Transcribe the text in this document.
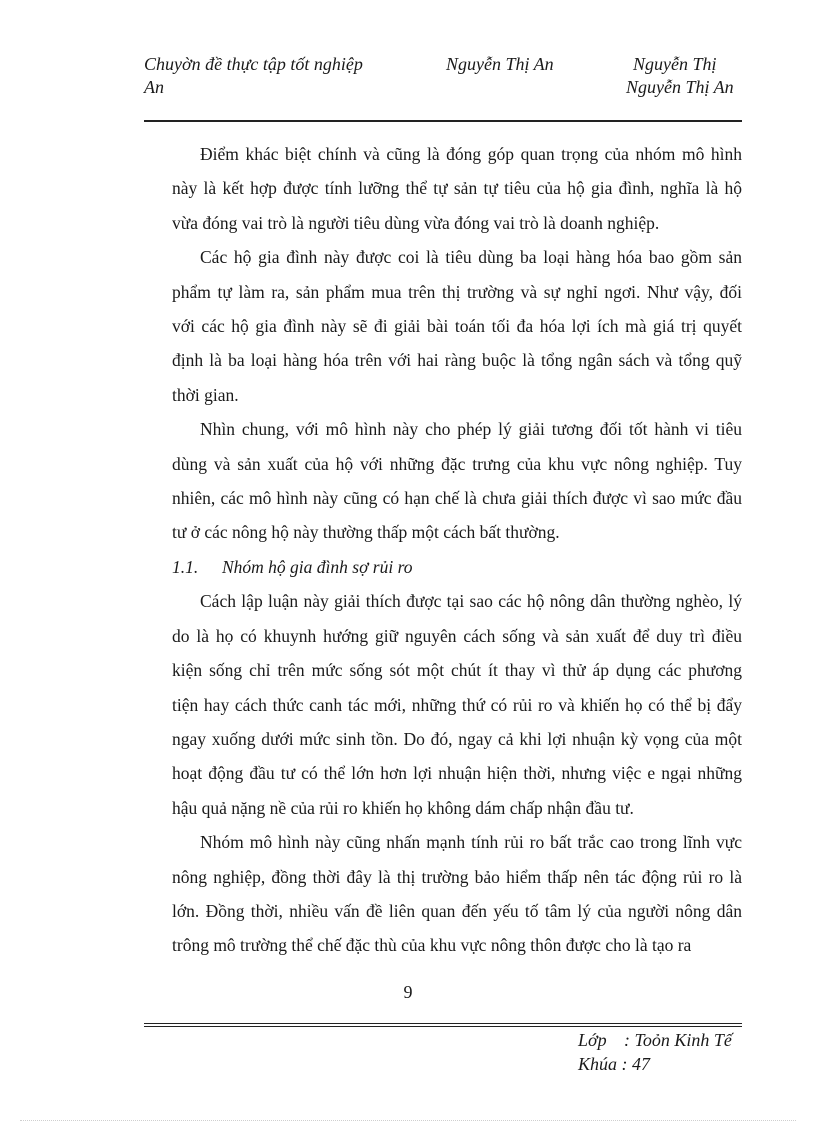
Chuyờn đề thực tập tốt nghiệp	Nguyễn Thị An	Nguyễn Thị
An	Nguyễn Thị An

Điểm khác biệt chính và cũng là đóng góp quan trọng của nhóm mô hình
này là kết hợp được tính lưỡng thể tự sản tự tiêu của hộ gia đình, nghĩa là hộ
vừa đóng vai trò là người tiêu dùng vừa đóng vai trò là doanh nghiệp.

Các hộ gia đình này được coi là tiêu dùng ba loại hàng hóa bao gồm sản
phẩm tự làm ra, sản phẩm mua trên thị trường và sự nghỉ ngơi. Như vậy, đối
với các hộ gia đình này sẽ đi giải bài toán tối đa hóa lợi ích mà giá trị quyết
định là ba loại hàng hóa trên với hai ràng buộc là tổng ngân sách và tổng quỹ
thời gian.

Nhìn chung, với mô hình này cho phép lý giải tương đối tốt hành vi tiêu
dùng và sản xuất của hộ với những đặc trưng của khu vực nông nghiệp. Tuy
nhiên, các mô hình này cũng có hạn chế là chưa giải thích được vì sao mức đầu
tư ở các nông hộ này thường thấp một cách bất thường.

1.1. Nhóm hộ gia đình sợ rủi ro

Cách lập luận này giải thích được tại sao các hộ nông dân thường nghèo, lý
do là họ có khuynh hướng giữ nguyên cách sống và sản xuất để duy trì điều
kiện sống chỉ trên mức sống sót một chút ít thay vì thử áp dụng các phương
tiện hay cách thức canh tác mới, những thứ có rủi ro và khiến họ có thể bị đẩy
ngay xuống dưới mức sinh tồn. Do đó, ngay cả khi lợi nhuận kỳ vọng của một
hoạt động đầu tư có thể lớn hơn lợi nhuận hiện thời, nhưng việc e ngại những
hậu quả nặng nề của rủi ro khiến họ không dám chấp nhận đầu tư.

Nhóm mô hình này cũng nhấn mạnh tính rủi ro bất trắc cao trong lĩnh vực
nông nghiệp, đồng thời đây là thị trường bảo hiểm thấp nên tác động rủi ro là
lớn. Đồng thời, nhiều vấn đề liên quan đến yếu tố tâm lý của người nông dân
trông mô trường thể chế đặc thù của khu vực nông thôn được cho là tạo ra

9
Lớp : Toỏn Kinh Tế
Khúa : 47
